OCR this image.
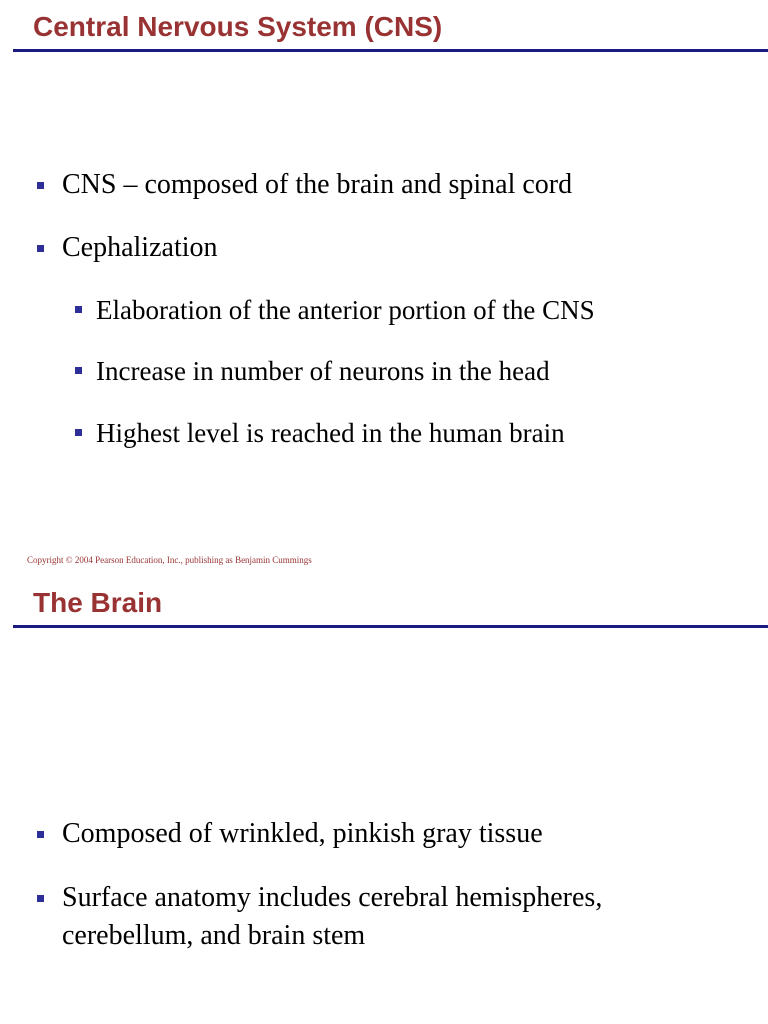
Central Nervous System (CNS)
CNS – composed of the brain and spinal cord
Cephalization
Elaboration of the anterior portion of the CNS
Increase in number of neurons in the head
Highest level is reached in the human brain
Copyright © 2004 Pearson Education, Inc., publishing as Benjamin Cummings
The Brain
Composed of wrinkled, pinkish gray tissue
Surface anatomy includes cerebral hemispheres,
cerebellum, and brain stem
